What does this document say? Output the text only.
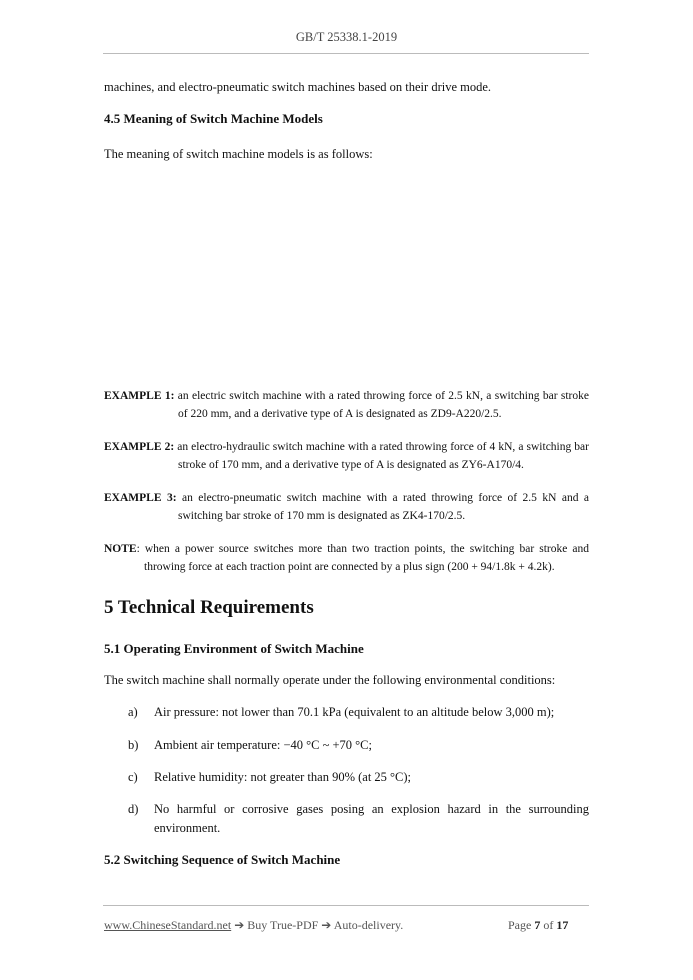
GB/T 25338.1-2019
machines, and electro-pneumatic switch machines based on their drive mode.
4.5 Meaning of Switch Machine Models
The meaning of switch machine models is as follows:
EXAMPLE 1: an electric switch machine with a rated throwing force of 2.5 kN, a switching bar stroke
of 220 mm, and a derivative type of A is designated as ZD9-A220/2.5.
EXAMPLE 2: an electro-hydraulic switch machine with a rated throwing force of 4 kN, a switching bar
stroke of 170 mm, and a derivative type of A is designated as ZY6-A170/4.
EXAMPLE 3: an electro-pneumatic switch machine with a rated throwing force of 2.5 kN and a
switching bar stroke of 170 mm is designated as ZK4-170/2.5.
NOTE: when a power source switches more than two traction points, the switching bar stroke and
throwing force at each traction point are connected by a plus sign (200 + 94/1.8k + 4.2k).
5 Technical Requirements
5.1 Operating Environment of Switch Machine
The switch machine shall normally operate under the following environmental conditions:
a) Air pressure: not lower than 70.1 kPa (equivalent to an altitude below 3,000 m);
b) Ambient air temperature: −40 °C ~ +70 °C;
c) Relative humidity: not greater than 90% (at 25 °C);
d) No harmful or corrosive gases posing an explosion hazard in the surrounding
environment.
5.2 Switching Sequence of Switch Machine
www.ChineseStandard.net ➔ Buy True-PDF ➔ Auto-delivery.	Page 7 of 17
